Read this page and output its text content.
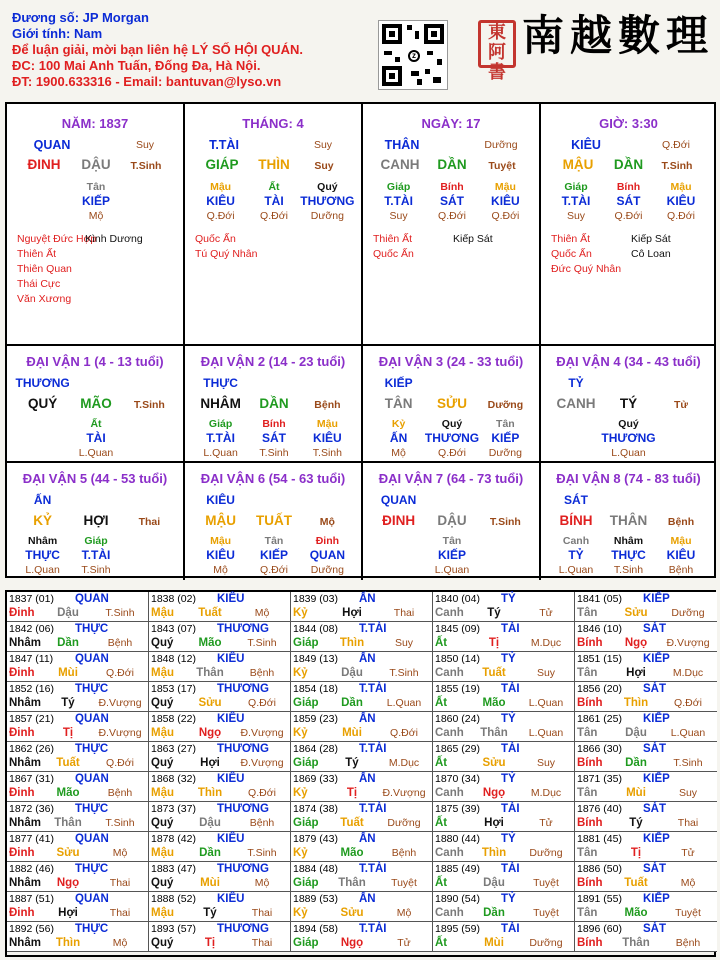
Đương số: JP Morgan
Giới tính: Nam
Để luận giải, mời bạn liên hệ LÝ SỐ HỘI QUÁN.
ĐC: 100 Mai Anh Tuấn, Đống Đa, Hà Nội.
ĐT: 1900.633316 - Email: bantuvan@lyso.vn
z
東阿書
南越數理
NĂM: 1837
QUAN	Suy
ĐINH	DẬU	T.Sinh
Tân
KIẾP
Mộ
Nguyệt Đức Hợp
Thiên Ất
Thiên Quan
Thái Cực
Văn Xương
Kình Dương
THÁNG: 4
T.TÀI	Suy
GIÁP	THÌN	Suy
Mậu
KIÊU
Q.Đới
Ất
TÀI
Q.Đới
Quý
THƯƠNG
Dưỡng
Quốc Ấn
Tú Quý Nhân
NGÀY: 17
THÂN	Dưỡng
CANH	DẦN	Tuyệt
Giáp
T.TÀI
Suy
Bính
SÁT
Q.Đới
Mậu
KIÊU
Q.Đới
Thiên Ất
Quốc Ấn
Kiếp Sát
GIỜ: 3:30
KIÊU	Q.Đới
MẬU	DẦN	T.Sinh
Giáp
T.TÀI
Suy
Bính
SÁT
Q.Đới
Mậu
KIÊU
Q.Đới
Thiên Ất
Quốc Ấn
Đức Quý Nhân
Kiếp Sát
Cô Loan
ĐẠI VẬN 1 (4 - 13 tuổi)
THƯƠNG
QUÝ	MÃO	T.Sinh
Ất
TÀI
L.Quan
ĐẠI VẬN 2 (14 - 23 tuổi)
THỰC
NHÂM	DẦN	Bệnh
Giáp
T.TÀI
L.Quan
Bính
SÁT
T.Sinh
Mậu
KIÊU
T.Sinh
ĐẠI VẬN 3 (24 - 33 tuổi)
KIẾP
TÂN	SỬU	Dưỡng
Kỷ
ẤN
Mộ
Quý
THƯƠNG
Q.Đới
Tân
KIẾP
Dưỡng
ĐẠI VẬN 4 (34 - 43 tuổi)
TỶ
CANH	TÝ	Tử
Quý
THƯƠNG
L.Quan
ĐẠI VẬN 5 (44 - 53 tuổi)
ẤN
KỶ	HỢI	Thai
Nhâm
THỰC
L.Quan
Giáp
T.TÀI
T.Sinh
ĐẠI VẬN 6 (54 - 63 tuổi)
KIÊU
MẬU	TUẤT	Mộ
Mậu
KIÊU
Mộ
Tân
KIẾP
Q.Đới
Đinh
QUAN
Dưỡng
ĐẠI VẬN 7 (64 - 73 tuổi)
QUAN
ĐINH	DẬU	T.Sinh
Tân
KIẾP
L.Quan
ĐẠI VẬN 8 (74 - 83 tuổi)
SÁT
BÍNH	THÂN	Bệnh
Canh
TỶ
L.Quan
Nhâm
THỰC
T.Sinh
Mậu
KIÊU
Bệnh
1837 (01) QUAN
Đinh	Dậu	T.Sinh
1838 (02) KIÊU
Mậu Tuất	Mộ
1839 (03) ẤN
Kỷ	Hợi	Thai
1840 (04) TỶ
Canh	Tý	Tử
1841 (05) KIẾP
Tân	Sửu	Dưỡng
1842 (06) THỰC
Nhâm	Dần	Bệnh
1843 (07) THƯƠNG
Quý	Mão	T.Sinh
1844 (08) T.TÀI
Giáp Thìn	Suy
1845 (09) TÀI
Ất	Tị	M.Dục
1846 (10) SÁT
Bính	Ngọ	Đ.Vượng
1847 (11) QUAN
Đinh	Mùi	Q.Đới
1848 (12) KIÊU
Mậu Thân	Bệnh
1849 (13) ẤN
Kỷ	Dậu	T.Sinh
1850 (14) TỶ
Canh Tuất	Suy
1851 (15) KIẾP
Tân	Hợi	M.Dục
1852 (16) THỰC
Nhâm	Tý	Đ.Vượng
1853 (17) THƯƠNG
Quý	Sửu	Q.Đới
1854 (18) T.TÀI
Giáp	Dần	L.Quan
1855 (19) TÀI
Ất	Mão	L.Quan
1856 (20) SÁT
Bính Thìn	Q.Đới
1857 (21) QUAN
Đinh	Tị	Đ.Vượng
1858 (22) KIÊU
Mậu	Ngọ	Đ.Vượng
1859 (23) ẤN
Kỷ	Mùi	Q.Đới
1860 (24) TỶ
Canh Thân	L.Quan
1861 (25) KIẾP
Tân	Dậu	L.Quan
1862 (26) THỰC
Nhâm Tuất	Q.Đới
1863 (27) THƯƠNG
Quý	Hợi	Đ.Vượng
1864 (28) T.TÀI
Giáp	Tý	M.Dục
1865 (29) TÀI
Ất	Sửu	Suy
1866 (30) SÁT
Bính	Dần	T.Sinh
1867 (31) QUAN
Đinh	Mão	Bệnh
1868 (32) KIÊU
Mậu Thìn	Q.Đới
1869 (33) ẤN
Kỷ	Tị	Đ.Vượng
1870 (34) TỶ
Canh	Ngọ	M.Dục
1871 (35) KIẾP
Tân	Mùi	Suy
1872 (36) THỰC
Nhâm Thân	T.Sinh
1873 (37) THƯƠNG
Quý	Dậu	Bệnh
1874 (38) T.TÀI
Giáp Tuất	Dưỡng
1875 (39) TÀI
Ất	Hợi	Tử
1876 (40) SÁT
Bính	Tý	Thai
1877 (41) QUAN
Đinh	Sửu	Mộ
1878 (42) KIÊU
Mậu	Dần	T.Sinh
1879 (43) ẤN
Kỷ	Mão	Bệnh
1880 (44) TỶ
Canh Thìn	Dưỡng
1881 (45) KIẾP
Tân	Tị	Tử
1882 (46) THỰC
Nhâm	Ngọ	Thai
1883 (47) THƯƠNG
Quý	Mùi	Mộ
1884 (48) T.TÀI
Giáp Thân	Tuyệt
1885 (49) TÀI
Ất	Dậu	Tuyệt
1886 (50) SÁT
Bính Tuất	Mộ
1887 (51) QUAN
Đinh	Hợi	Thai
1888 (52) KIÊU
Mậu	Tý	Thai
1889 (53) ẤN
Kỷ	Sửu	Mộ
1890 (54) TỶ
Canh	Dần	Tuyệt
1891 (55) KIẾP
Tân	Mão	Tuyệt
1892 (56) THỰC
Nhâm Thìn	Mộ
1893 (57) THƯƠNG
Quý	Tị	Thai
1894 (58) T.TÀI
Giáp	Ngọ	Tử
1895 (59) TÀI
Ất	Mùi	Dưỡng
1896 (60) SÁT
Bính Thân	Bệnh
